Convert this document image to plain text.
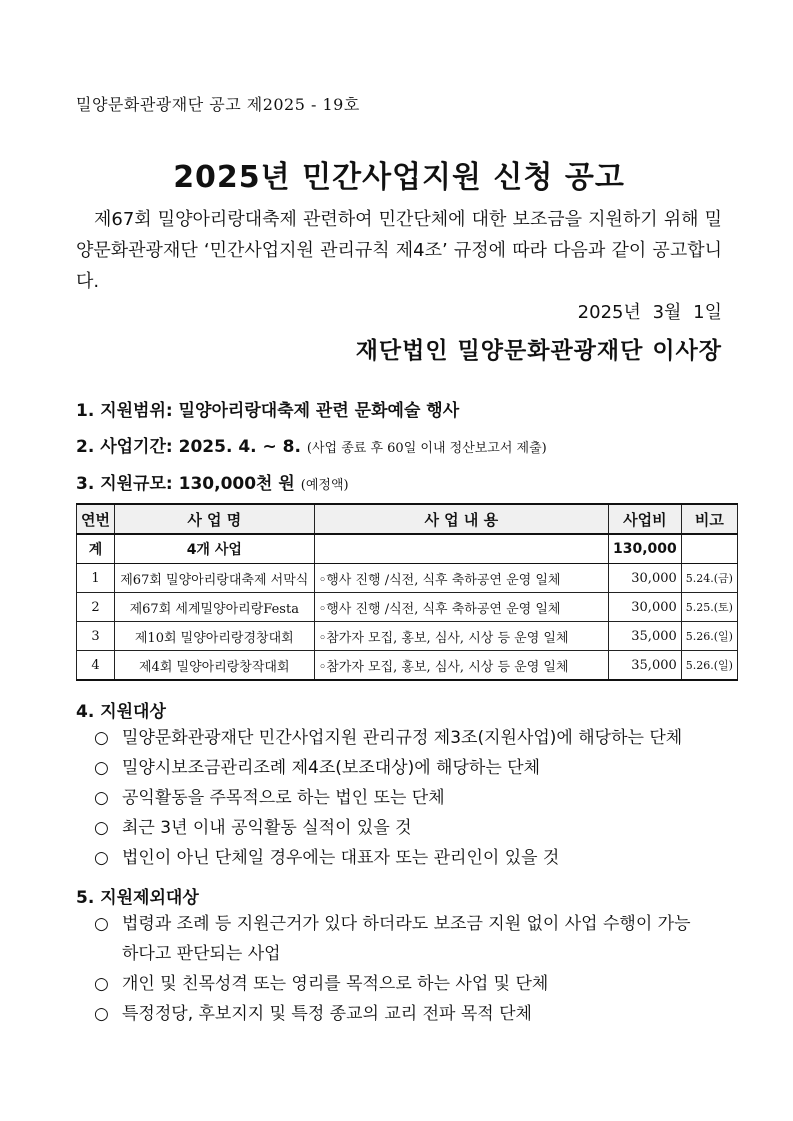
밀양문화관광재단 공고 제2025 - 19호
2025년 민간사업지원 신청 공고
제67회 밀양아리랑대축제 관련하여 민간단체에 대한 보조금을 지원하기 위해 밀양문화관광재단 ‘민간사업지원 관리규칙 제4조’ 규정에 따라 다음과 같이 공고합니다.
2025년 3월 1일
재단법인 밀양문화관광재단 이사장
1. 지원범위: 밀양아리랑대축제 관련 문화예술 행사
2. 사업기간: 2025. 4. ~ 8. (사업 종료 후 60일 이내 정산보고서 제출)
3. 지원규모: 130,000천 원 (예정액)
연번	사 업 명	사 업 내 용	사업비	비고
계	4개 사업		130,000	
1	제67회 밀양아리랑대축제 서막식	◦행사 진행 /식전, 식후 축하공연 운영 일체	30,000	5.24.(금)
2	제67회 세계밀양아리랑Festa	◦행사 진행 /식전, 식후 축하공연 운영 일체	30,000	5.25.(토)
3	제10회 밀양아리랑경창대회	◦참가자 모집, 홍보, 심사, 시상 등 운영 일체	35,000	5.26.(일)
4	제4회 밀양아리랑창작대회	◦참가자 모집, 홍보, 심사, 시상 등 운영 일체	35,000	5.26.(일)
4. 지원대상
○ 밀양문화관광재단 민간사업지원 관리규정 제3조(지원사업)에 해당하는 단체
○ 밀양시보조금관리조례 제4조(보조대상)에 해당하는 단체
○ 공익활동을 주목적으로 하는 법인 또는 단체
○ 최근 3년 이내 공익활동 실적이 있을 것
○ 법인이 아닌 단체일 경우에는 대표자 또는 관리인이 있을 것
5. 지원제외대상
○ 법령과 조례 등 지원근거가 있다 하더라도 보조금 지원 없이 사업 수행이 가능하다고 판단되는 사업
○ 개인 및 친목성격 또는 영리를 목적으로 하는 사업 및 단체
○ 특정정당, 후보지지 및 특정 종교의 교리 전파 목적 단체
